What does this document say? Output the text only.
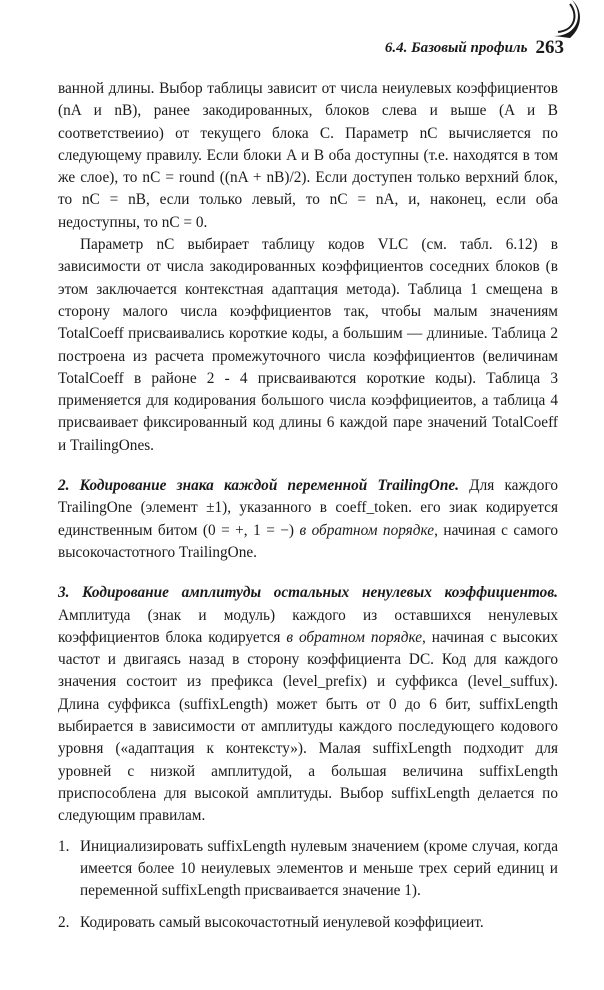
6.4. Базовый профиль 263

ванной длины. Выбор таблицы зависит от числа неиулевых коэффициентов (nA и nB), ранее закодированных, блоков слева и выше (A и B соответствеиио) от текущего блока C. Параметр nC вычисляется по следующему правилу. Если блоки A и B оба доступны (т.е. находятся в том же слое), то nC = round ((nA + nB)/2). Если доступен только верхний блок, то nC = nB, если только левый, то nC = nA, и, наконец, если оба недоступны, то nC = 0.

Параметр nC выбирает таблицу кодов VLC (см. табл. 6.12) в зависимости от числа закодированных коэффициентов соседних блоков (в этом заключается контекстная адаптация метода). Таблица 1 смещена в сторону малого числа коэффициентов так, чтобы малым значениям TotalCoeff присваивались короткие коды, а большим — длиниые. Таблица 2 построена из расчета промежуточного числа коэффициентов (величинам TotalCoeff в районе 2 - 4 присваиваются короткие коды). Таблица 3 применяется для кодирования большого числа коэффициеитов, а таблица 4 присваивает фиксированный код длины 6 каждой паре значений TotalCoeff и TrailingOnes.

2. Кодирование знака каждой переменной TrailingOne. Для каждого TrailingOne (элемент ±1), указанного в coeff_token. его зиак кодируется единственным битом (0 = +, 1 = −) в обратном порядке, начиная с самого высокочастотного TrailingOne.

3. Кодирование амплитуды остальных ненулевых коэффициентов. Амплитуда (знак и модуль) каждого из оставшихся ненулевых коэффициентов блока кодируется в обратном порядке, начиная с высоких частот и двигаясь назад в сторону коэффициента DC. Код для каждого значения состоит из префикса (level_prefix) и суффикса (level_suffux). Длина суффикса (suffixLength) может быть от 0 до 6 бит, suffixLength выбирается в зависимости от амплитуды каждого последующего кодового уровня («адаптация к контексту»). Малая suffixLength подходит для уровней с низкой амплитудой, а большая величина suffixLength приспособлена для высокой амплитуды. Выбор suffixLength делается по следующим правилам.

1. Инициализировать suffixLength нулевым значением (кроме случая, когда имеется более 10 неиулевых элементов и меньше трех серий единиц и переменной suffixLength присваивается значение 1).
2. Кодировать самый высокочастотный иенулевой коэффициеит.
